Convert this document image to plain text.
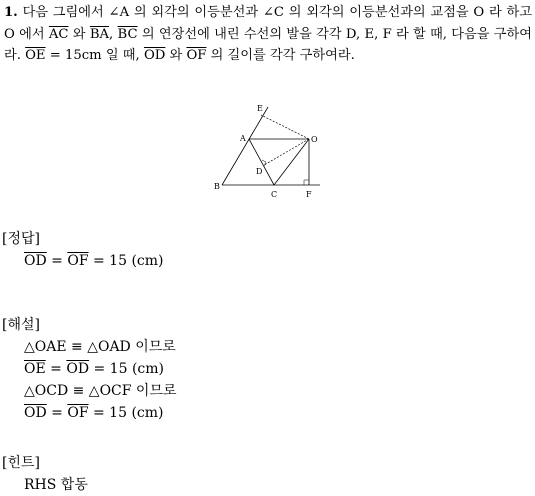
1. 다음 그림에서 ∠A 의 외각의 이등분선과 ∠C 의 외각의 이등분선과의 교점을 O 라 하고 O 에서 $\overline{AC}$ 와 $\overline{BA}$, $\overline{BC}$ 의 연장선에 내린 수선의 발을 각각 D, E, F 라 할 때, 다음을 구하여라. $\overline{OE} = 15cm$ 일 때, $\overline{OD}$ 와 $\overline{OF}$ 의 길이를 각각 구하여라.
E
A	O
D
B
C	F
[정답]
$\overline{OD} = \overline{OF} = 15$ (cm)
[해설]
△OAE ≡ △OAD 이므로
$\overline{OE} = \overline{OD} = 15$ (cm)
△OCD ≡ △OCF 이므로
$\overline{OD} = \overline{OF} = 15$ (cm)
[힌트]
RHS 합동
